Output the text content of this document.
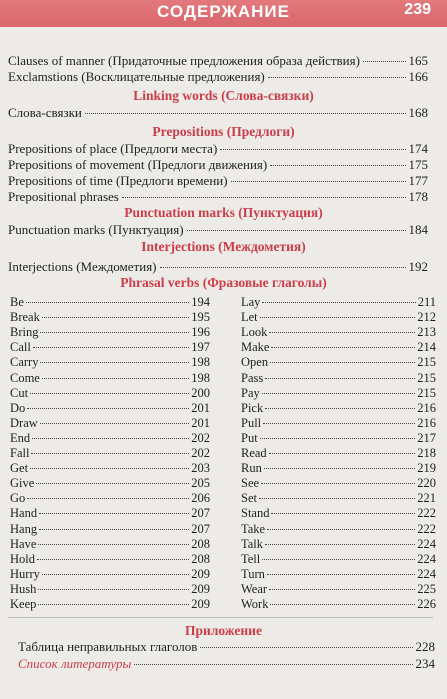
СОДЕРЖАНИЕ	239
Clauses of manner (Придаточные предложения образа действия)	165
Exclamstions (Восклицательные предложения)	166
Linking words (Слова-связки)
Слова-связки	168
Prepositions (Предлоги)
Prepositions of place (Предлоги места)	174
Prepositions of movement (Предлоги движения)	175
Prepositions of time (Предлоги времени)	177
Prepositional phrases	178
Punctuation marks (Пунктуация)
Punctuation marks (Пунктуация)	184
Interjections (Междометия)
Interjections (Междометия)	192
Phrasal verbs (Фразовые глаголы)
Be	194
Break	195
Bring	196
Call	197
Carry	198
Come	198
Cut	200
Do	201
Draw	201
End	202
Fall	202
Get	203
Give	205
Go	206
Hand	207
Hang	207
Have	208
Hold	208
Hurry	209
Hush	209
Keep	209
Lay	211
Let	212
Look	213
Make	214
Open	215
Pass	215
Pay	215
Pick	216
Pull	216
Put	217
Read	218
Run	219
See	220
Set	221
Stand	222
Take	222
Talk	224
Tell	224
Turn	224
Wear	225
Work	226
Приложение
Таблица неправильных глаголов	228
Список литературы	234
